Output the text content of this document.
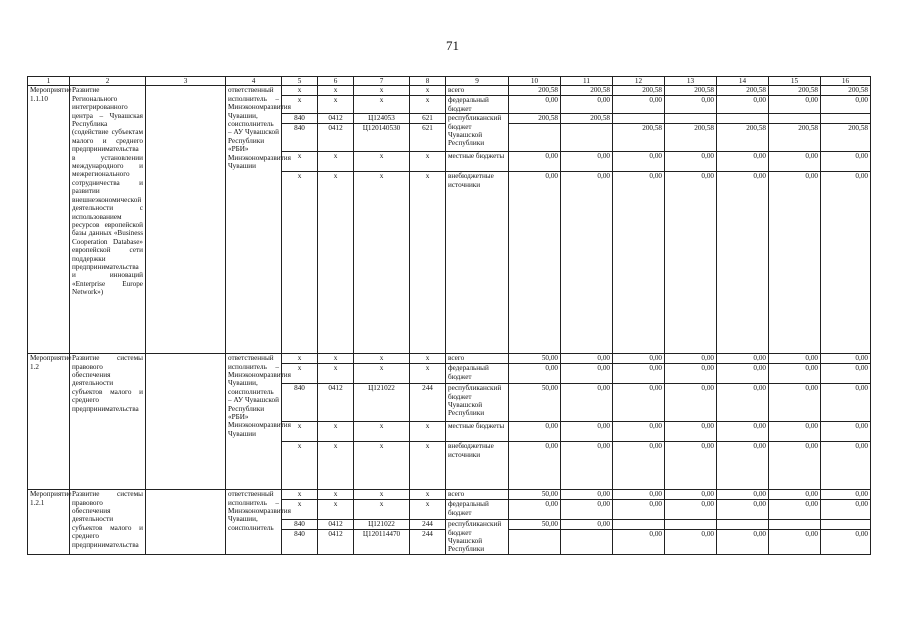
71
1	2	3	4	5	6	7	8	9	10	11	12	13	14	15	16
Мероприятие 1.1.10	Развитие Регионального интегрированного центра – Чувашская Республика (содействие субъектам малого и среднего предпринимательства в установлении международного и межрегионального сотрудничества и развитии внешнеэкономической деятельности с использованием ресурсов европейской базы данных «Business Cooperation Database» европейской сети поддержки предпринимательства и инноваций «Enterprise Europe Network»)		ответственный исполнитель – Минэкономразвития Чувашии, соисполнитель – АУ Чувашской Республики «РБИ» Минэкономразвития Чувашии	х	х	х	х	всего	200,58	200,58	200,58	200,58	200,58	200,58	200,58
				х	х	х	х	федеральный бюджет	0,00	0,00	0,00	0,00	0,00	0,00	0,00
				840	0412	Ц124053	621	республиканский бюджет Чувашской Республики	200,58	200,58					
				840	0412	Ц120140530	621				200,58	200,58	200,58	200,58	200,58
				х	х	х	х	местные бюджеты	0,00	0,00	0,00	0,00	0,00	0,00	0,00
				х	х	х	х	внебюджетные источники	0,00	0,00	0,00	0,00	0,00	0,00	0,00
Мероприятие 1.2	Развитие системы правового обеспечения деятельности субъектов малого и среднего предпринимательства		ответственный исполнитель – Минэкономразвития Чувашии, соисполнитель – АУ Чувашской Республики «РБИ» Минэкономразвития Чувашии	х	х	х	х	всего	50,00	0,00	0,00	0,00	0,00	0,00	0,00
				х	х	х	х	федеральный бюджет	0,00	0,00	0,00	0,00	0,00	0,00	0,00
				840	0412	Ц121022	244	республиканский бюджет Чувашской Республики	50,00	0,00	0,00	0,00	0,00	0,00	0,00
				х	х	х	х	местные бюджеты	0,00	0,00	0,00	0,00	0,00	0,00	0,00
				х	х	х	х	внебюджетные источники	0,00	0,00	0,00	0,00	0,00	0,00	0,00
Мероприятие 1.2.1	Развитие системы правового обеспечения деятельности субъектов малого и среднего предпринимательства		ответственный исполнитель – Минэкономразвития Чувашии, соисполнитель	х	х	х	х	всего	50,00	0,00	0,00	0,00	0,00	0,00	0,00
				х	х	х	х	федеральный бюджет	0,00	0,00	0,00	0,00	0,00	0,00	0,00
				840	0412	Ц121022	244	республиканский бюджет Чувашской Республики	50,00	0,00					
				840	0412	Ц120114470	244				0,00	0,00	0,00	0,00	0,00
